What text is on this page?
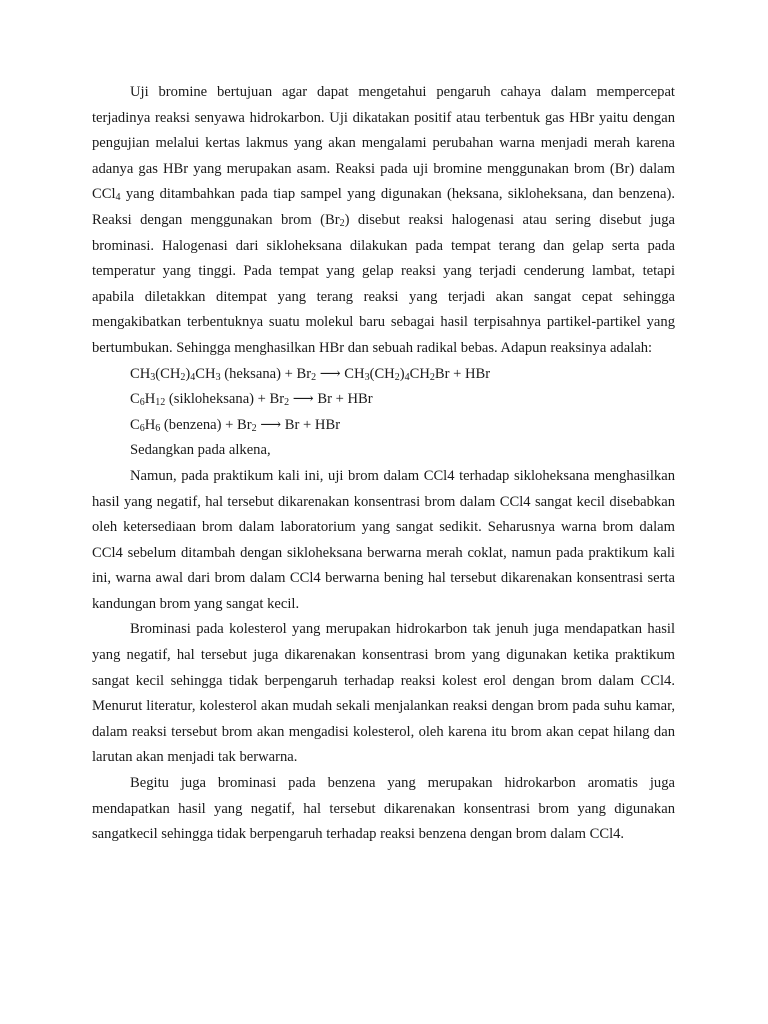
Uji bromine bertujuan agar dapat mengetahui pengaruh cahaya dalam mempercepat terjadinya reaksi senyawa hidrokarbon. Uji dikatakan positif atau terbentuk gas HBr yaitu dengan pengujian melalui kertas lakmus yang akan mengalami perubahan warna menjadi merah karena adanya gas HBr yang merupakan asam. Reaksi pada uji bromine menggunakan brom (Br) dalam CCl$_4$ yang ditambahkan pada tiap sampel yang digunakan (heksana, sikloheksana, dan benzena). Reaksi dengan menggunakan brom $(Br_2)$ disebut reaksi halogenasi atau sering disebut juga brominasi. Halogenasi dari sikloheksana dilakukan pada tempat terang dan gelap serta pada temperatur yang tinggi. Pada tempat yang gelap reaksi yang terjadi cenderung lambat, tetapi apabila diletakkan ditempat yang terang reaksi yang terjadi akan sangat cepat sehingga mengakibatkan terbentuknya suatu molekul baru sebagai hasil terpisahnya partikel-partikel yang bertumbukan. Sehingga menghasilkan HBr dan sebuah radikal bebas. Adapun reaksinya adalah:

$CH_3(CH_2)_4CH_3$ (heksana) + $Br_2$ ⟶ $CH_3(CH_2)_4CH_2Br$ + HBr

$C_6H_{12}$ (sikloheksana) + $Br_2$ ⟶ Br + HBr

$C_6H_6$ (benzena) + $Br_2$ ⟶ Br + HBr

Sedangkan pada alkena,

Namun, pada praktikum kali ini, uji brom dalam CCl4 terhadap sikloheksana menghasilkan hasil yang negatif, hal tersebut dikarenakan konsentrasi brom dalam CCl4 sangat kecil disebabkan oleh ketersediaan brom dalam laboratorium yang sangat sedikit. Seharusnya warna brom dalam CCl4 sebelum ditambah dengan sikloheksana berwarna merah coklat, namun pada praktikum kali ini, warna awal dari brom dalam CCl4 berwarna bening hal tersebut dikarenakan konsentrasi serta kandungan brom yang sangat kecil.

Brominasi pada kolesterol yang merupakan hidrokarbon tak jenuh juga mendapatkan hasil yang negatif, hal tersebut juga dikarenakan konsentrasi brom yang digunakan ketika praktikum sangat kecil sehingga tidak berpengaruh terhadap reaksi kolest erol dengan brom dalam CCl4. Menurut literatur, kolesterol akan mudah sekali menjalankan reaksi dengan brom pada suhu kamar, dalam reaksi tersebut brom akan mengadisi kolesterol, oleh karena itu brom akan cepat hilang dan larutan akan menjadi tak berwarna.

Begitu juga brominasi pada benzena yang merupakan hidrokarbon aromatis juga mendapatkan hasil yang negatif, hal tersebut dikarenakan konsentrasi brom yang digunakan sangatkecil sehingga tidak berpengaruh terhadap reaksi benzena dengan brom dalam CCl4.
